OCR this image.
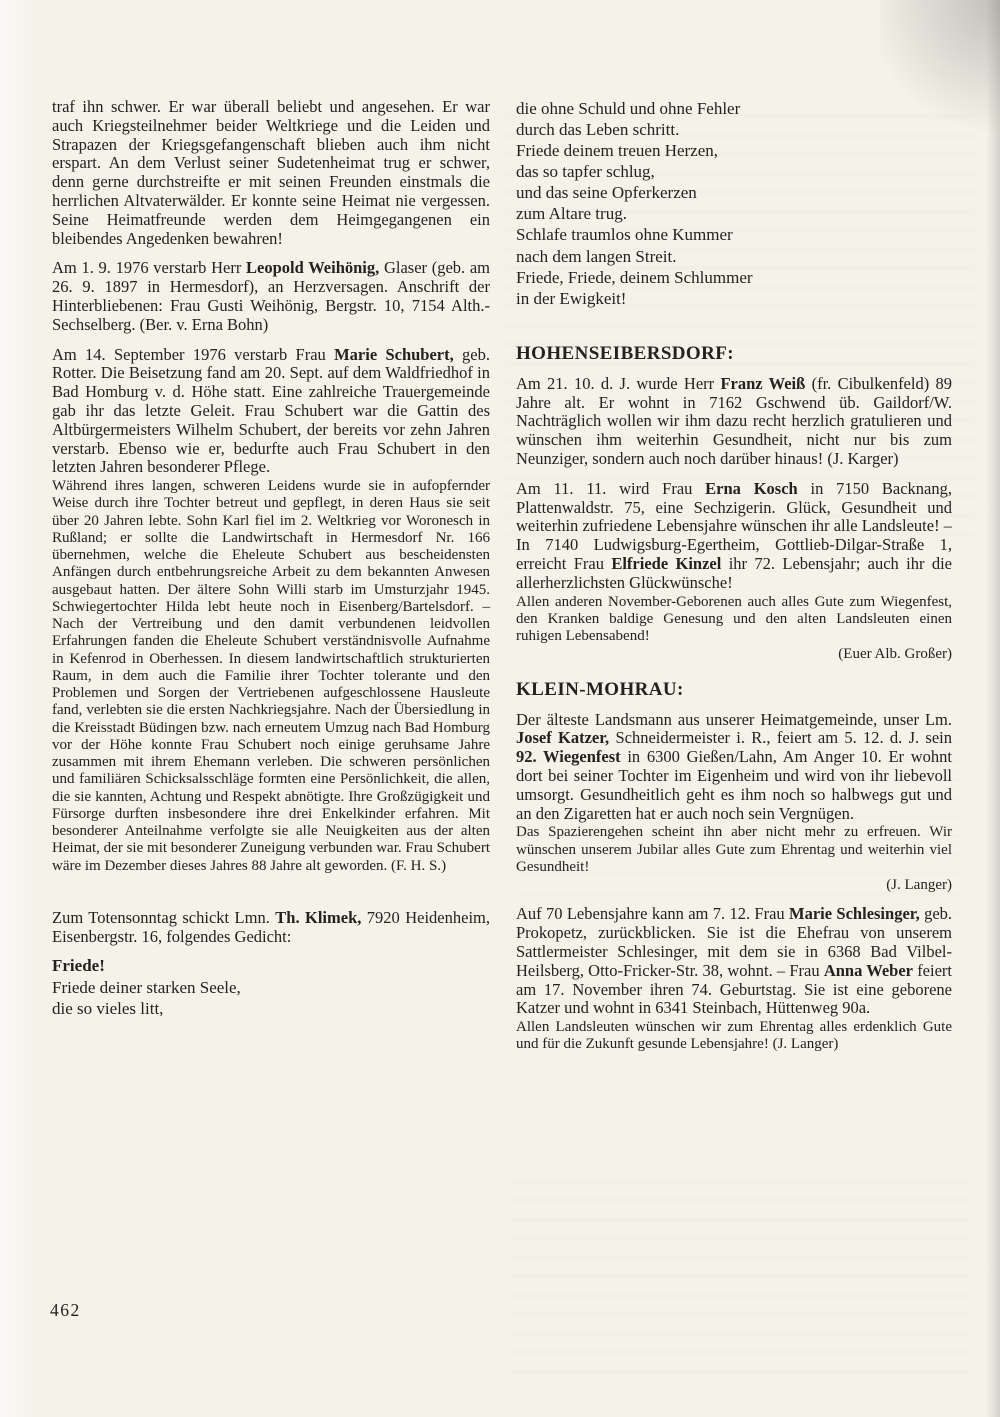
traf ihn schwer. Er war überall beliebt und angesehen. Er war auch Kriegsteilnehmer beider Weltkriege und die Leiden und Strapazen der Kriegsgefangenschaft blieben auch ihm nicht erspart. An dem Verlust seiner Sudetenheimat trug er schwer, denn gerne durchstreifte er mit seinen Freunden einstmals die herrlichen Altvaterwälder. Er konnte seine Heimat nie vergessen. Seine Heimatfreunde werden dem Heimgegangenen ein bleibendes Angedenken bewahren!
Am 1. 9. 1976 verstarb Herr Leopold Weihönig, Glaser (geb. am 26. 9. 1897 in Hermesdorf), an Herzversagen. Anschrift der Hinterbliebenen: Frau Gusti Weihönig, Bergstr. 10, 7154 Alth.-Sechselberg. (Ber. v. Erna Bohn)
Am 14. September 1976 verstarb Frau Marie Schubert, geb. Rotter. Die Beisetzung fand am 20. Sept. auf dem Waldfriedhof in Bad Homburg v. d. Höhe statt. Eine zahlreiche Trauergemeinde gab ihr das letzte Geleit. Frau Schubert war die Gattin des Altbürgermeisters Wilhelm Schubert, der bereits vor zehn Jahren verstarb. Ebenso wie er, bedurfte auch Frau Schubert in den letzten Jahren besonderer Pflege.
Während ihres langen, schweren Leidens wurde sie in aufopfernder Weise durch ihre Tochter betreut und gepflegt, in deren Haus sie seit über 20 Jahren lebte. Sohn Karl fiel im 2. Weltkrieg vor Woronesch in Rußland; er sollte die Landwirtschaft in Hermesdorf Nr. 166 übernehmen, welche die Eheleute Schubert aus bescheidensten Anfängen durch entbehrungsreiche Arbeit zu dem bekannten Anwesen ausgebaut hatten. Der ältere Sohn Willi starb im Umsturzjahr 1945. Schwiegertochter Hilda lebt heute noch in Eisenberg/Bartelsdorf. – Nach der Vertreibung und den damit verbundenen leidvollen Erfahrungen fanden die Eheleute Schubert verständnisvolle Aufnahme in Kefenrod in Oberhessen. In diesem landwirtschaftlich strukturierten Raum, in dem auch die Familie ihrer Tochter tolerante und den Problemen und Sorgen der Vertriebenen aufgeschlossene Hausleute fand, verlebten sie die ersten Nachkriegsjahre. Nach der Übersiedlung in die Kreisstadt Büdingen bzw. nach erneutem Umzug nach Bad Homburg vor der Höhe konnte Frau Schubert noch einige geruhsame Jahre zusammen mit ihrem Ehemann verleben. Die schweren persönlichen und familiären Schicksalsschläge formten eine Persönlichkeit, die allen, die sie kannten, Achtung und Respekt abnötigte. Ihre Großzügigkeit und Fürsorge durften insbesondere ihre drei Enkelkinder erfahren. Mit besonderer Anteilnahme verfolgte sie alle Neuigkeiten aus der alten Heimat, der sie mit besonderer Zuneigung verbunden war. Frau Schubert wäre im Dezember dieses Jahres 88 Jahre alt geworden. (F. H. S.)
Zum Totensonntag schickt Lmn. Th. Klimek, 7920 Heidenheim, Eisenbergstr. 16, folgendes Gedicht:
Friede!
Friede deiner starken Seele,
die so vieles litt,
die ohne Schuld und ohne Fehler
durch das Leben schritt.
Friede deinem treuen Herzen,
das so tapfer schlug,
und das seine Opferkerzen
zum Altare trug.
Schlafe traumlos ohne Kummer
nach dem langen Streit.
Friede, Friede, deinem Schlummer
in der Ewigkeit!
HOHENSEIBERSDORF:
Am 21. 10. d. J. wurde Herr Franz Weiß (fr. Cibulkenfeld) 89 Jahre alt. Er wohnt in 7162 Gschwend üb. Gaildorf/W. Nachträglich wollen wir ihm dazu recht herzlich gratulieren und wünschen ihm weiterhin Gesundheit, nicht nur bis zum Neunziger, sondern auch noch darüber hinaus! (J. Karger)
Am 11. 11. wird Frau Erna Kosch in 7150 Backnang, Plattenwaldstr. 75, eine Sechzigerin. Glück, Gesundheit und weiterhin zufriedene Lebensjahre wünschen ihr alle Landsleute! – In 7140 Ludwigsburg-Egertheim, Gottlieb-Dilgar-Straße 1, erreicht Frau Elfriede Kinzel ihr 72. Lebensjahr; auch ihr die allerherzlichsten Glückwünsche!
Allen anderen November-Geborenen auch alles Gute zum Wiegenfest, den Kranken baldige Genesung und den alten Landsleuten einen ruhigen Lebensabend!
(Euer Alb. Großer)
KLEIN-MOHRAU:
Der älteste Landsmann aus unserer Heimatgemeinde, unser Lm. Josef Katzer, Schneidermeister i. R., feiert am 5. 12. d. J. sein 92. Wiegenfest in 6300 Gießen/Lahn, Am Anger 10. Er wohnt dort bei seiner Tochter im Eigenheim und wird von ihr liebevoll umsorgt. Gesundheitlich geht es ihm noch so halbwegs gut und an den Zigaretten hat er auch noch sein Vergnügen.
Das Spazierengehen scheint ihn aber nicht mehr zu erfreuen. Wir wünschen unserem Jubilar alles Gute zum Ehrentag und weiterhin viel Gesundheit!
(J. Langer)
Auf 70 Lebensjahre kann am 7. 12. Frau Marie Schlesinger, geb. Prokopetz, zurückblicken. Sie ist die Ehefrau von unserem Sattlermeister Schlesinger, mit dem sie in 6368 Bad Vilbel-Heilsberg, Otto-Fricker-Str. 38, wohnt. – Frau Anna Weber feiert am 17. November ihren 74. Geburtstag. Sie ist eine geborene Katzer und wohnt in 6341 Steinbach, Hüttenweg 90a.
Allen Landsleuten wünschen wir zum Ehrentag alles erdenklich Gute und für die Zukunft gesunde Lebensjahre! (J. Langer)
462
